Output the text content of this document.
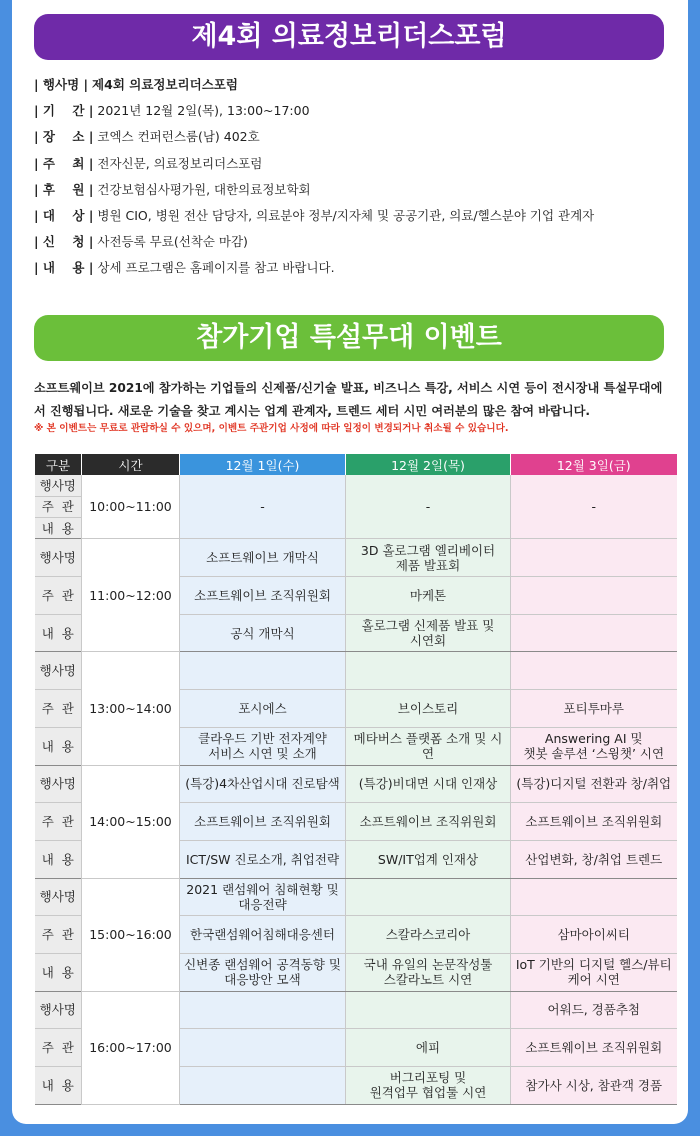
제4회 의료정보리더스포럼
| 행사명 | 제4회 의료정보리더스포럼
| 기    간 | 2021년 12월 2일(목), 13:00~17:00
| 장    소 | 코엑스 컨퍼런스룸(남) 402호
| 주    최 | 전자신문, 의료정보리더스포럼
| 후    원 | 건강보험심사평가원, 대한의료정보학회
| 대    상 | 병원 CIO, 병원 전산 담당자, 의료분야 정부/지자체 및 공공기관, 의료/헬스분야 기업 관계자
| 신    청 | 사전등록 무료(선착순 마감)
| 내    용 | 상세 프로그램은 홈페이지를 참고 바랍니다.
참가기업 특설무대 이벤트
소프트웨이브 2021에 참가하는 기업들의 신제품/신기술 발표, 비즈니스 특강, 서비스 시연 등이 전시장내 특설무대에서 진행됩니다. 새로운 기술을 찾고 계시는 업계 관계자, 트렌드 세터 시민 여러분의 많은 참여 바랍니다.
※ 본 이벤트는 무료로 관람하실 수 있으며, 이벤트 주관기업 사정에 따라 일정이 변경되거나 취소될 수 있습니다.
구분	시간	12월 1일(수)	12월 2일(목)	12월 3일(금)
행사명	10:00~11:00	-	-	-
주  관				
내  용				
행사명	11:00~12:00	소프트웨이브 개막식	3D 홀로그램 엘리베이터
제품 발표회	
주  관		소프트웨이브 조직위원회	마케톤	
내  용		공식 개막식	홀로그램 신제품 발표 및
시연회	
행사명	13:00~14:00			
주  관		포시에스	브이스토리	포티투마루
내  용		클라우드 기반 전자계약
서비스 시연 및 소개	메타버스 플랫폼 소개 및 시연	Answering AI 및
챗봇 솔루션 ‘스윙챗’ 시연
행사명	14:00~15:00	(특강)4차산업시대 진로탐색	(특강)비대면 시대 인재상	(특강)디지털 전환과 창/취업
주  관		소프트웨이브 조직위원회	소프트웨이브 조직위원회	소프트웨이브 조직위원회
내  용		ICT/SW 진로소개, 취업전략	SW/IT업계 인재상	산업변화, 창/취업 트렌드
행사명	15:00~16:00	2021 랜섬웨어 침해현황 및
대응전략		
주  관		한국랜섬웨어침해대응센터	스칼라스코리아	삼마아이씨티
내  용		신변종 랜섬웨어 공격동향 및
대응방안 모색	국내 유일의 논문작성툴
스칼라노트 시연	IoT 기반의 디지털 헬스/뷰티
케어 시연
행사명	16:00~17:00			어워드, 경품추첨
주  관			에피	소프트웨이브 조직위원회
내  용			버그리포팅 및
원격업무 협업툴 시연	참가사 시상, 참관객 경품
